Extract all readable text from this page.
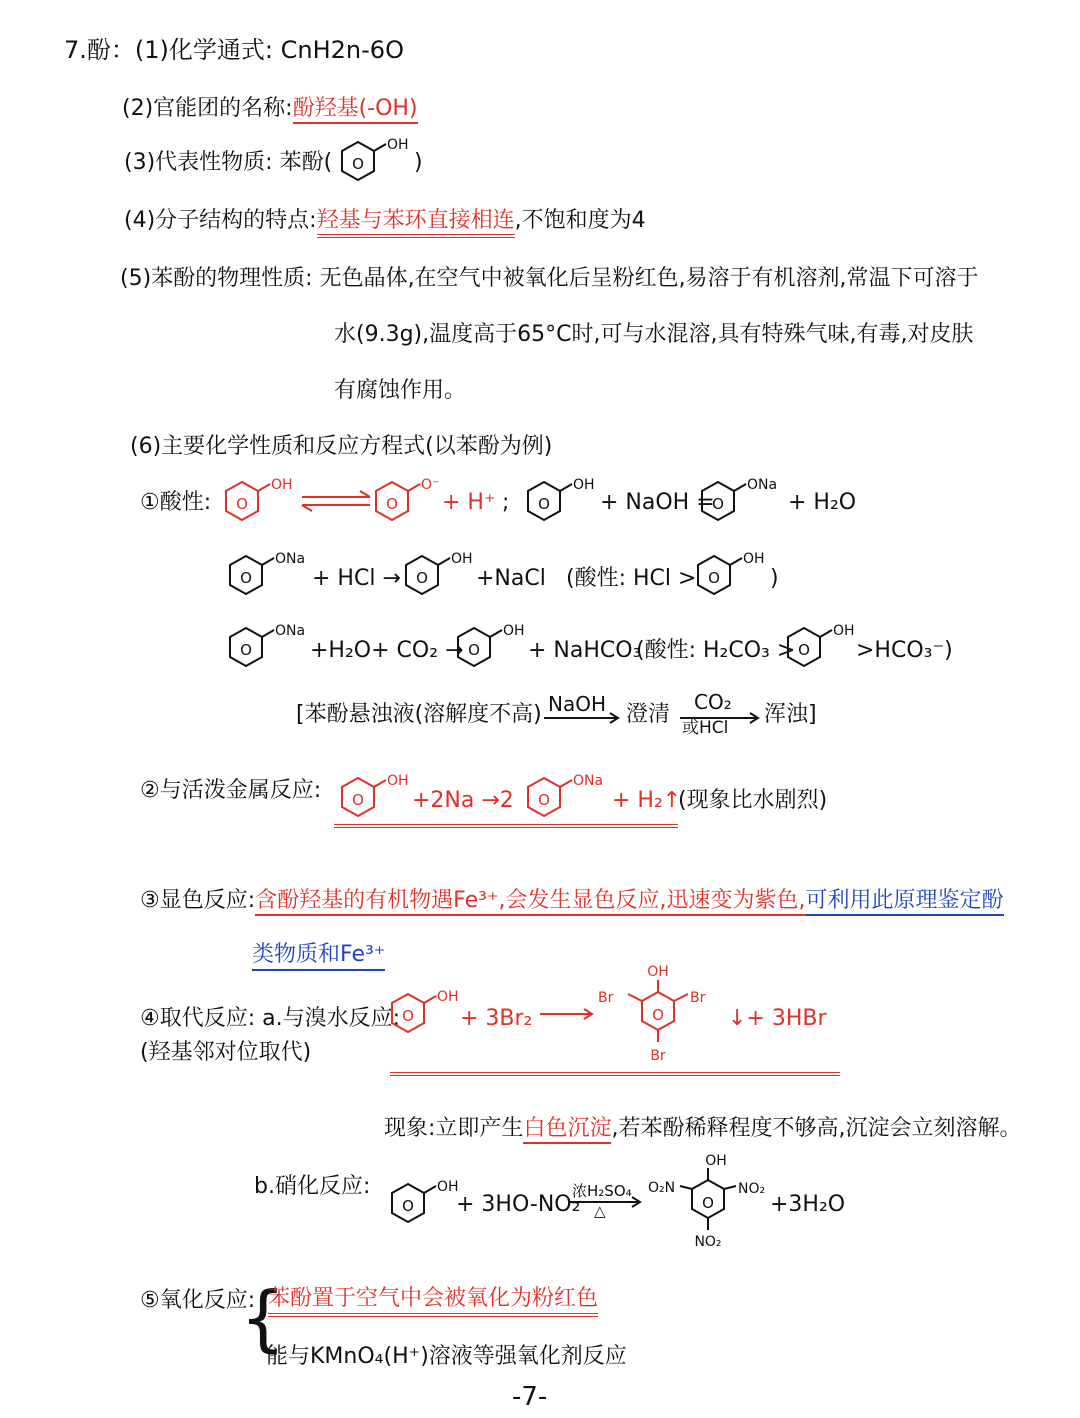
7.酚：(1)化学通式: CnH2n-6O
(2)官能团的名称:酚羟基(-OH)
(3)代表性物质: 苯酚( O
OH
)
(4)分子结构的特点:羟基与苯环直接相连,不饱和度为4
(5)苯酚的物理性质: 无色晶体,在空气中被氧化后呈粉红色,易溶于有机溶剂,常温下可溶于
水(9.3g),温度高于65°C时,可与水混溶,具有特殊气味,有毒,对皮肤
有腐蚀作用。
(6)主要化学性质和反应方程式(以苯酚为例)
①酸性: O
OH
O
O⁻
+ H⁺ ; O
OH
+ NaOH =
O
ONa
+ H₂O
O
ONa
+ HCl → O
OH
+NaCl (酸性: HCl > O
OH
)
O
ONa
+H₂O+ CO₂ → O
OH
+ NaHCO₃
(酸性: H₂CO₃ > O
OH
>HCO₃⁻)
[苯酚悬浊液(溶解度不高) NaOH 澄清 CO₂
或HCl
浑浊]
②与活泼金属反应: O
OH
+2Na →2 O
ONa
+ H₂↑
(现象比水剧烈)
③显色反应:含酚羟基的有机物遇Fe³⁺,会发生显色反应,迅速变为紫色,可利用此原理鉴定酚
类物质和Fe³⁺
④取代反应: a.与溴水反应:
(羟基邻对位取代)
O
OH
+ 3Br₂	O
OH
Br	Br
Br
↓+ 3HBr
现象:立即产生白色沉淀,若苯酚稀释程度不够高,沉淀会立刻溶解。
b.硝化反应:
O
OH
+ 3HO-NO₂
浓H₂SO₄
△	O
OH
O₂N	NO₂
NO₂
+3H₂O
⑤氧化反应:
{
苯酚置于空气中会被氧化为粉红色
能与KMnO₄(H⁺)溶液等强氧化剂反应
-7-
